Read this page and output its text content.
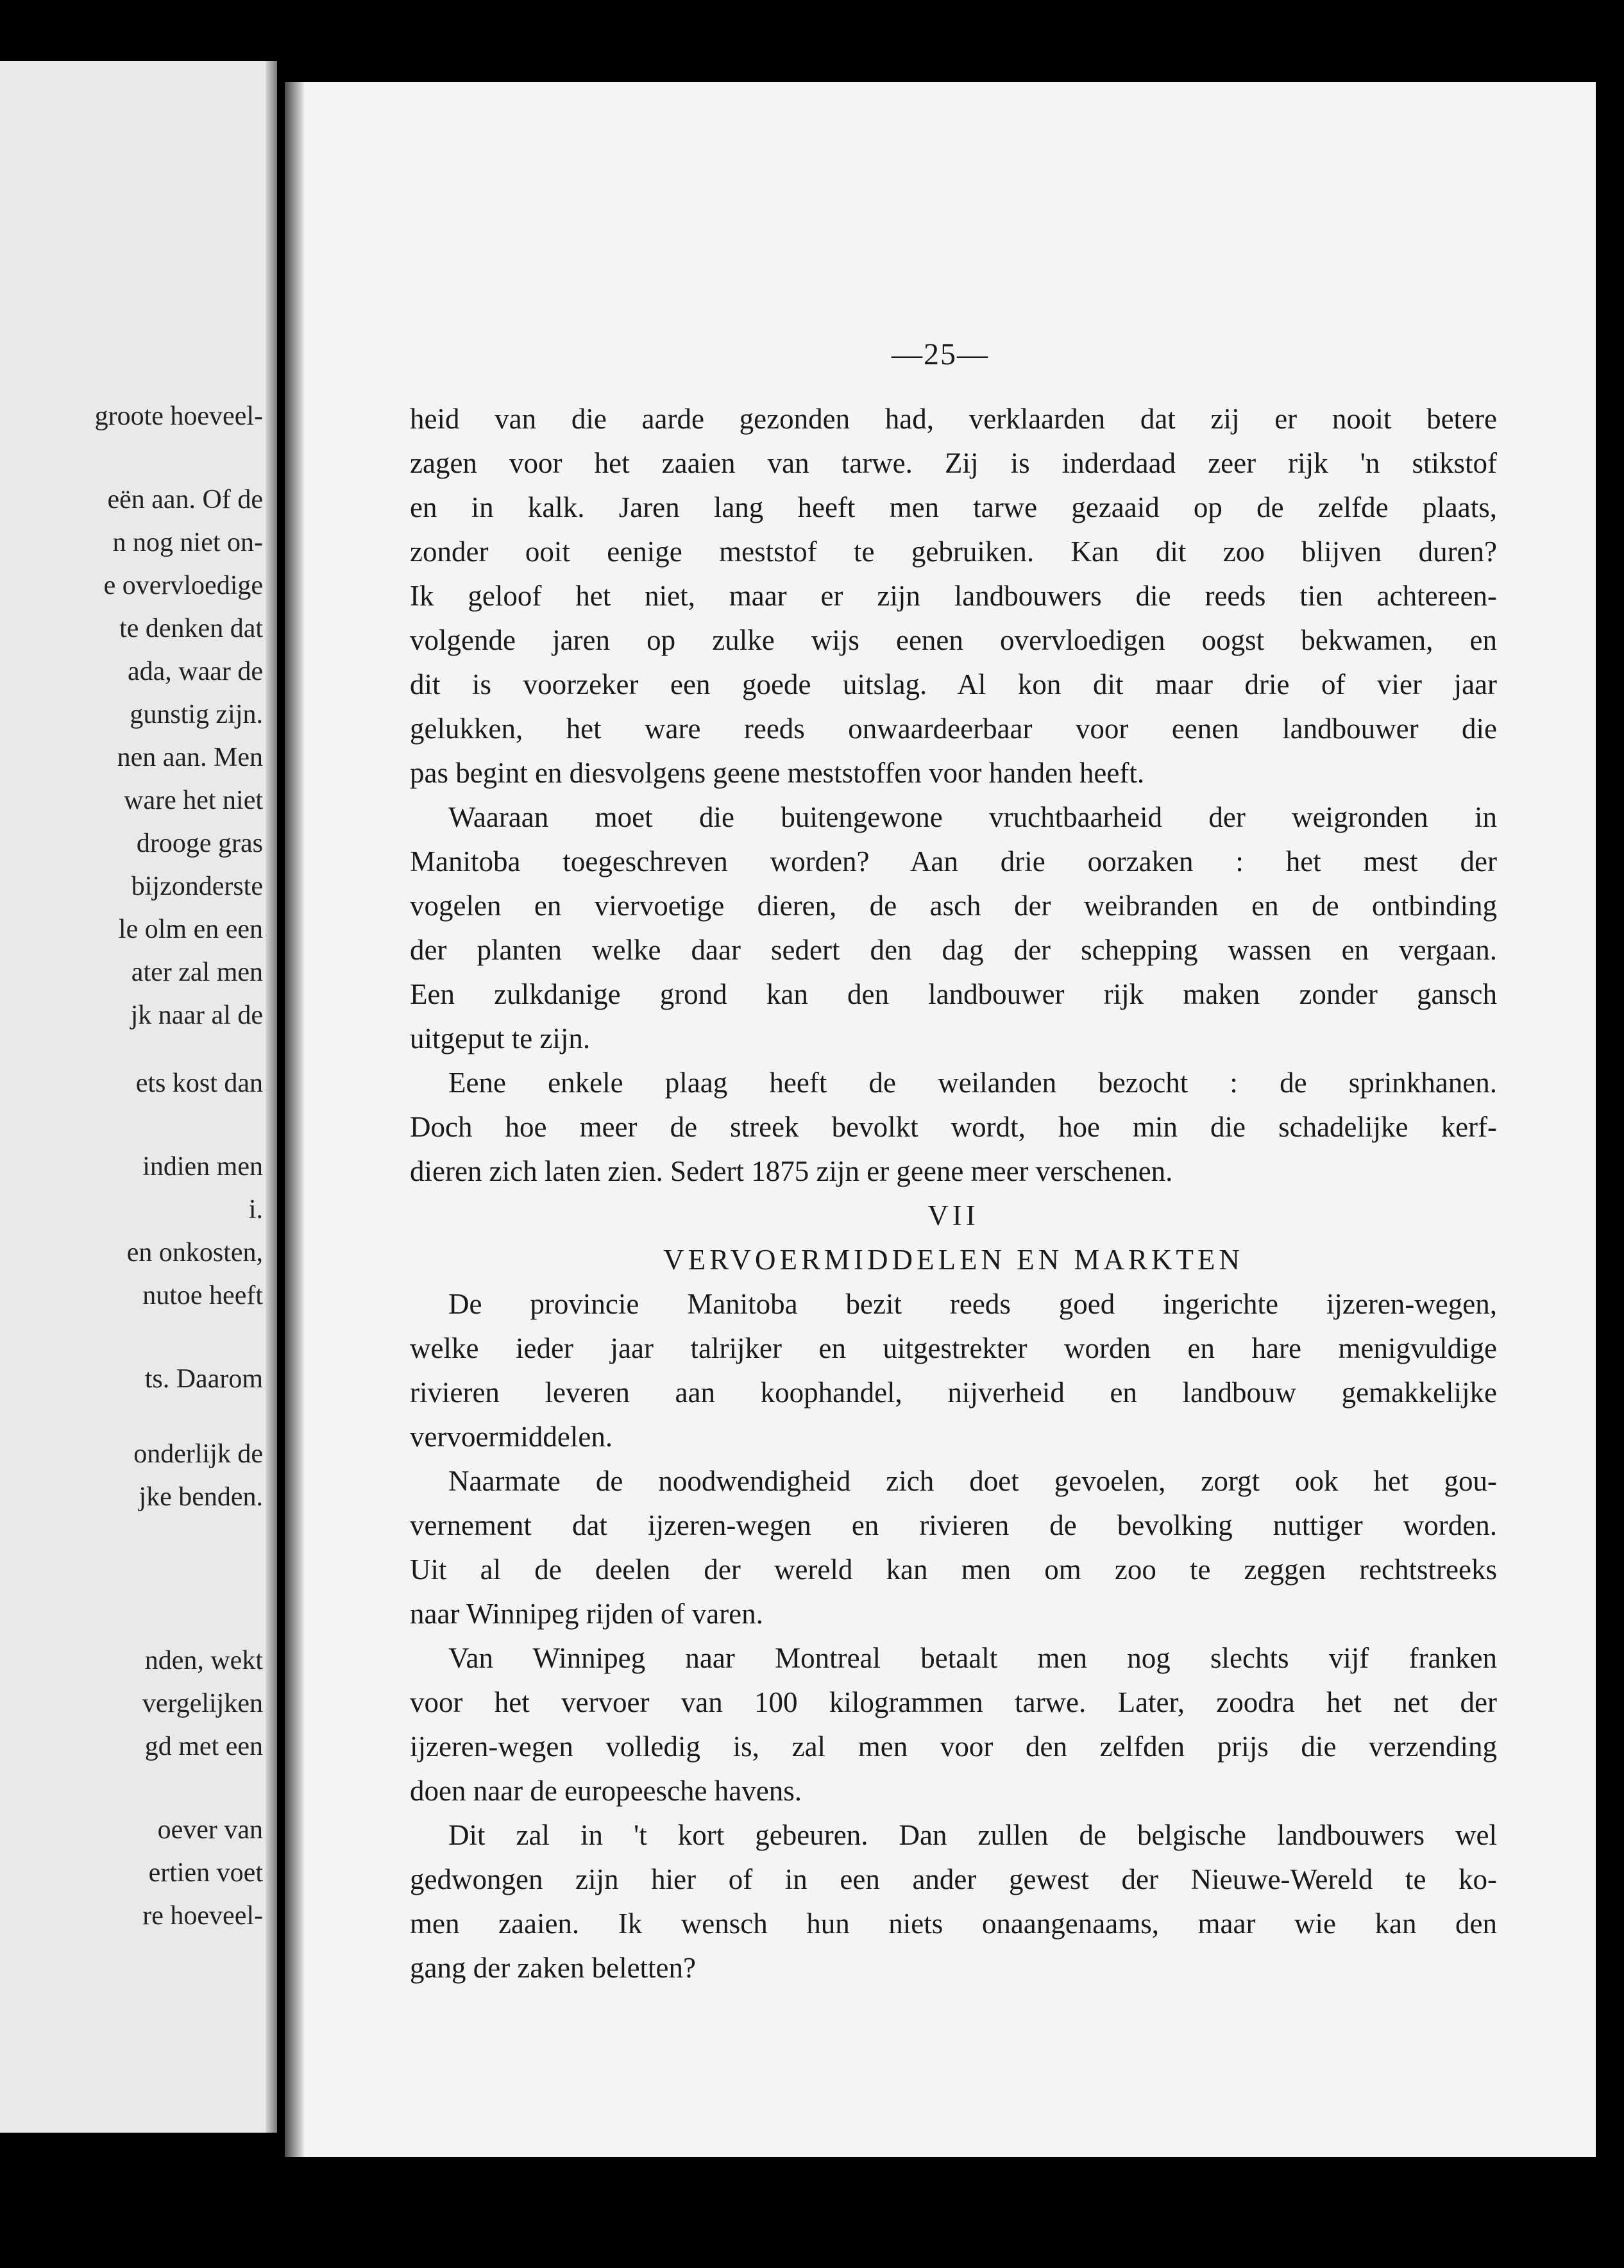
groote hoeveel-
eën aan. Of de
n nog niet on-
e overvloedige
te denken dat
ada, waar de
gunstig zijn.
nen aan. Men
ware het niet
drooge gras
bijzonderste
le olm en een
ater zal men
jk naar al de
ets kost dan
indien men
i.
en onkosten,
nutoe heeft
ts. Daarom
onderlijk de
jke benden.
nden, wekt
vergelijken
gd met een
oever van
ertien voet
re hoeveel-
—25—
heid van die aarde gezonden had, verklaarden dat zij er nooit betere
zagen voor het zaaien van tarwe. Zij is inderdaad zeer rijk 'n stikstof
en in kalk. Jaren lang heeft men tarwe gezaaid op de zelfde plaats,
zonder ooit eenige meststof te gebruiken. Kan dit zoo blijven duren?
Ik geloof het niet, maar er zijn landbouwers die reeds tien achtereen-
volgende jaren op zulke wijs eenen overvloedigen oogst bekwamen, en
dit is voorzeker een goede uitslag. Al kon dit maar drie of vier jaar
gelukken, het ware reeds onwaardeerbaar voor eenen landbouwer die
pas begint en diesvolgens geene meststoffen voor handen heeft.
Waaraan moet die buitengewone vruchtbaarheid der weigronden in
Manitoba toegeschreven worden? Aan drie oorzaken : het mest der
vogelen en viervoetige dieren, de asch der weibranden en de ontbinding
der planten welke daar sedert den dag der schepping wassen en vergaan.
Een zulkdanige grond kan den landbouwer rijk maken zonder gansch
uitgeput te zijn.
Eene enkele plaag heeft de weilanden bezocht : de sprinkhanen.
Doch hoe meer de streek bevolkt wordt, hoe min die schadelijke kerf-
dieren zich laten zien. Sedert 1875 zijn er geene meer verschenen.
VII
VERVOERMIDDELEN EN MARKTEN
De provincie Manitoba bezit reeds goed ingerichte ijzeren-wegen,
welke ieder jaar talrijker en uitgestrekter worden en hare menigvuldige
rivieren leveren aan koophandel, nijverheid en landbouw gemakkelijke
vervoermiddelen.
Naarmate de noodwendigheid zich doet gevoelen, zorgt ook het gou-
vernement dat ijzeren-wegen en rivieren de bevolking nuttiger worden.
Uit al de deelen der wereld kan men om zoo te zeggen rechtstreeks
naar Winnipeg rijden of varen.
Van Winnipeg naar Montreal betaalt men nog slechts vijf franken
voor het vervoer van 100 kilogrammen tarwe. Later, zoodra het net der
ijzeren-wegen volledig is, zal men voor den zelfden prijs die verzending
doen naar de europeesche havens.
Dit zal in 't kort gebeuren. Dan zullen de belgische landbouwers wel
gedwongen zijn hier of in een ander gewest der Nieuwe-Wereld te ko-
men zaaien. Ik wensch hun niets onaangenaams, maar wie kan den
gang der zaken beletten?
